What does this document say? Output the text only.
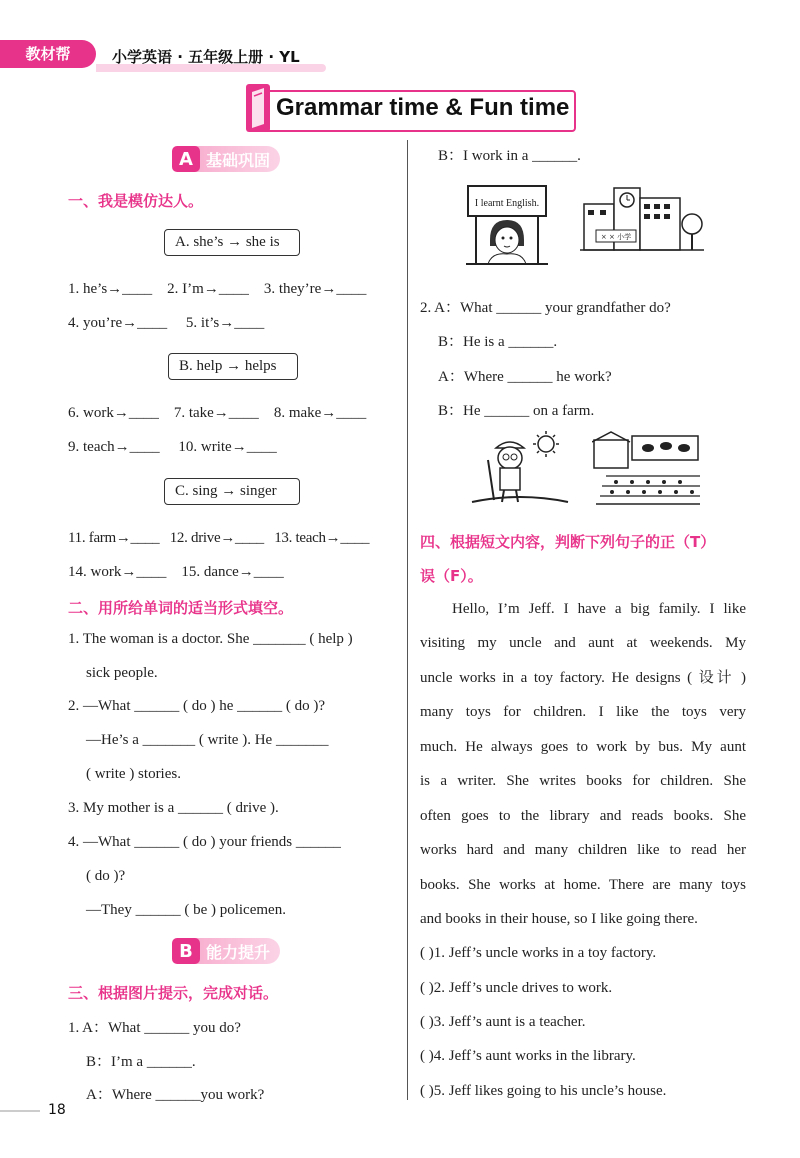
教材帮	小学英语 · 五年级上册 · YL
Grammar time & Fun time
A 基础巩固
一、我是模仿达人。
A. she’s → she is
1. he’s→____ 2. I’m→____ 3. they’re→____
4. you’re→____ 5. it’s→____
B. help → helps
6. work→____ 7. take→____ 8. make→____
9. teach→____ 10. write→____
C. sing → singer
11. farm→____ 12. drive→____ 13. teach→____
14. work→____ 15. dance→____
二、用所给单词的适当形式填空。
1. The woman is a doctor. She _______ ( help )
sick people.
2. —What ______ ( do ) he ______ ( do )?
—He’s a _______ ( write ). He _______
( write ) stories.
3. My mother is a ______ ( drive ).
4. —What ______ ( do ) your friends ______
( do )?
—They ______ ( be ) policemen.
B 能力提升
三、根据图片提示，完成对话。
1. A：What ______ you do?
B：I’m a ______.
A：Where ______you work?
18
B：I work in a ______.
I learnt English.
× × 小学
2. A：What ______ your grandfather do?
B：He is a ______.
A：Where ______ he work?
B：He ______ on a farm.
四、根据短文内容，判断下列句子的正（T）
误（F）。
Hello, I’m Jeff. I have a big family. I like
visiting my uncle and aunt at weekends. My
uncle works in a toy factory. He designs ( 设计 )
many toys for children. I like the toys very
much. He always goes to work by bus. My aunt
is a writer. She writes books for children. She
often goes to the library and reads books. She
works hard and many children like to read her
books. She works at home. There are many toys
and books in their house, so I like going there.
( )1. Jeff’s uncle works in a toy factory.
( )2. Jeff’s uncle drives to work.
( )3. Jeff’s aunt is a teacher.
( )4. Jeff’s aunt works in the library.
( )5. Jeff likes going to his uncle’s house.
